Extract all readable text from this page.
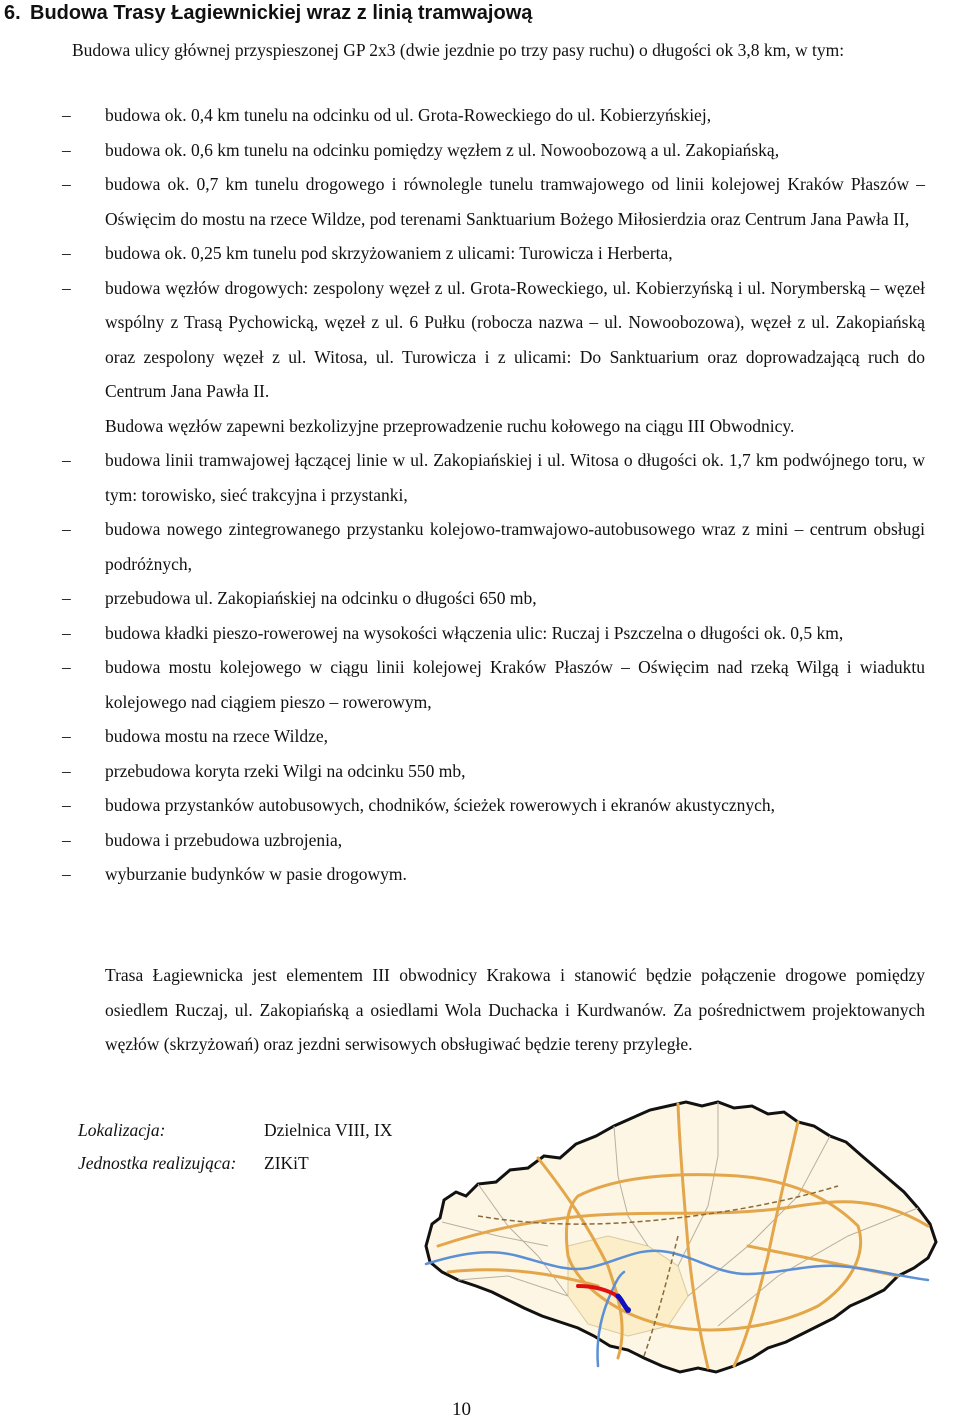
6. Budowa Trasy Łagiewnickiej wraz z linią tramwajową
Budowa ulicy głównej przyspieszonej GP 2x3 (dwie jezdnie po trzy pasy ruchu) o długości ok 3,8 km, w tym:
– budowa ok. 0,4 km tunelu na odcinku od ul. Grota-Roweckiego do ul. Kobierzyńskiej,
– budowa ok. 0,6 km tunelu na odcinku pomiędzy węzłem z ul. Nowoobozową a ul. Zakopiańską,
– budowa ok. 0,7 km tunelu drogowego i równolegle tunelu tramwajowego od linii kolejowej Kraków Płaszów – Oświęcim do mostu na rzece Wildze, pod terenami Sanktuarium Bożego Miłosierdzia oraz Centrum Jana Pawła II,
– budowa ok. 0,25 km tunelu pod skrzyżowaniem z ulicami: Turowicza i Herberta,
– budowa węzłów drogowych: zespolony węzeł z ul. Grota-Roweckiego, ul. Kobierzyńską i ul. Norymberską – węzeł wspólny z Trasą Pychowicką, węzeł z ul. 6 Pułku (robocza nazwa – ul. Nowoobozowa), węzeł z ul. Zakopiańską oraz zespolony węzeł z ul. Witosa, ul. Turowicza i z ulicami: Do Sanktuarium oraz doprowadzającą ruch do Centrum Jana Pawła II.
Budowa węzłów zapewni bezkolizyjne przeprowadzenie ruchu kołowego na ciągu III Obwodnicy.
– budowa linii tramwajowej łączącej linie w ul. Zakopiańskiej i ul. Witosa o długości ok. 1,7 km podwójnego toru, w tym: torowisko, sieć trakcyjna i przystanki,
– budowa nowego zintegrowanego przystanku kolejowo-tramwajowo-autobusowego wraz z mini – centrum obsługi podróżnych,
– przebudowa ul. Zakopiańskiej na odcinku o długości 650 mb,
– budowa kładki pieszo-rowerowej na wysokości włączenia ulic: Ruczaj i Pszczelna o długości ok. 0,5 km,
– budowa mostu kolejowego w ciągu linii kolejowej Kraków Płaszów – Oświęcim nad rzeką Wilgą i wiaduktu kolejowego nad ciągiem pieszo – rowerowym,
– budowa mostu na rzece Wildze,
– przebudowa koryta rzeki Wilgi na odcinku 550 mb,
– budowa przystanków autobusowych, chodników, ścieżek rowerowych i ekranów akustycznych,
– budowa i przebudowa uzbrojenia,
– wyburzanie budynków w pasie drogowym.
Trasa Łagiewnicka jest elementem III obwodnicy Krakowa i stanowić będzie połączenie drogowe pomiędzy osiedlem Ruczaj, ul. Zakopiańską a osiedlami Wola Duchacka i Kurdwanów. Za pośrednictwem projektowanych węzłów (skrzyżowań) oraz jezdni serwisowych obsługiwać będzie tereny przyległe.
Lokalizacja:	Dzielnica VIII, IX
Jednostka realizująca: ZIKiT
10
